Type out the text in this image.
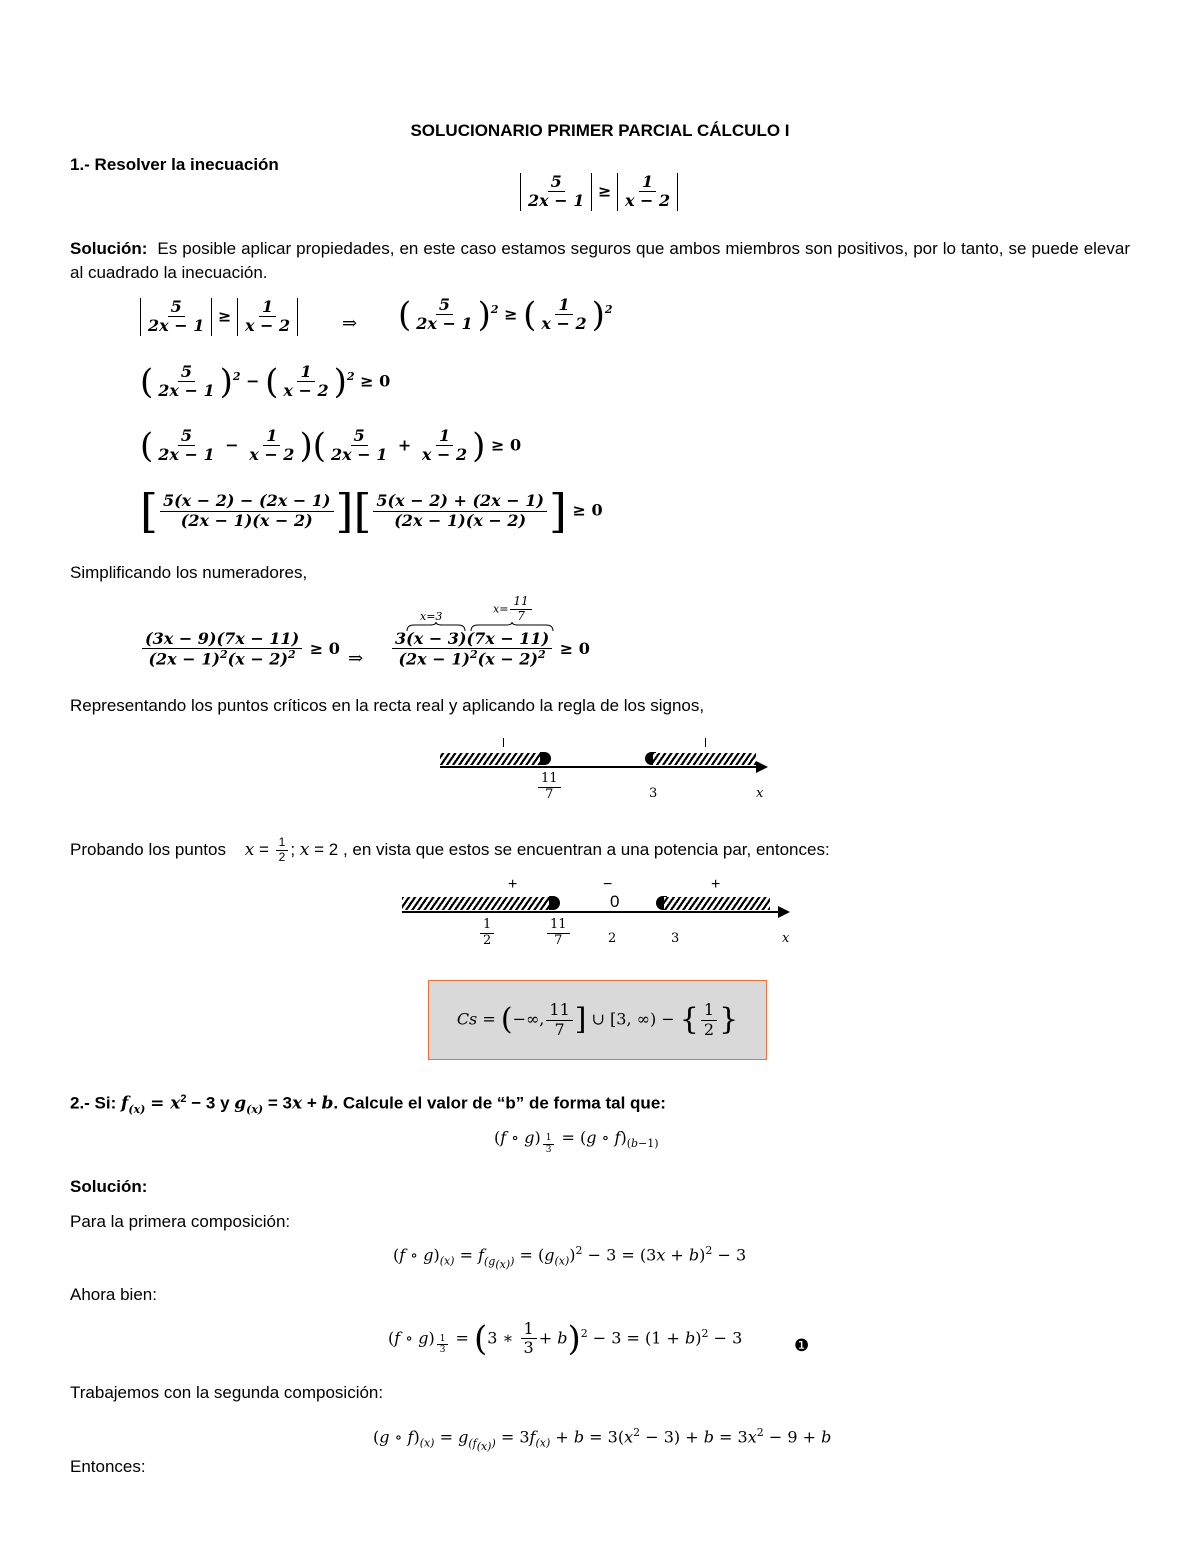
SOLUCIONARIO PRIMER PARCIAL CÁLCULO I
1.- Resolver la inecuación
$\frac{5}{2x - 1} \ge \frac{1}{x - 2}$
Solución: Es posible aplicar propiedades, en este caso estamos seguros que ambos miembros son positivos, por lo tanto, se puede elevar al cuadrado la inecuación.
$\frac{5}{2x - 1} \ge \frac{1}{x - 2}$	⇒ ( $\frac{5}{2x - 1} )^2$ ≥ ( $\frac{1}{x - 2} )^2$
( $\frac{5}{2x - 1} )^2$ − ( $\frac{1}{x - 2} )^2 \ge 0$
( $\frac{5}{2x - 1} - \frac{1}{x - 2}$ )( $\frac{5}{2x - 1} + \frac{1}{x - 2}$ ) ≥ 0
[ $\frac{5(x - 2) - (2x - 1)}{(2x - 1)(x - 2)}$ ][ $\frac{5(x - 2) + (2x - 1)}{(2x - 1)(x - 2)}$ ] ≥ 0
Simplificando los numeradores,
$\frac{(3x - 9)(7x - 11)}{(2x - 1)^2(x - 2)^2} \ge 0$ ⇒
x=3
$x= \frac{11}{7}$
$\frac{3(x - 3)(7x - 11)}{(2x - 1)^2(x - 2)^2} \ge 0$
Representando los puntos críticos en la recta real y aplicando la regla de los signos,
$\frac{11}{7}$	3	x
Probando los puntos $x = \frac{1}{2}$ ; x = 2 , en vista que estos se encuentran a una potencia par, entonces:
+	−	+
0
$\frac{1}{2}$	$\frac{11}{7}$	2	3	x
Cs = (−∞, $\frac{11}{7}$ ] ∪ [3, ∞) − { $\frac{1}{2}$ }
2.- Si: $f_{(x)} = x^2 - 3$ y $g_{(x)} = 3x + b$. Calcule el valor de “b” de forma tal que:
(f ∘ g) $_{\frac{1}{3}}$ = (g ∘ $f)_{(b-1)}$
Solución:
Para la primera composición:
(f ∘ $g)_{(x)} = f_{(g_{(x)})} = (g_{(x)})^2 - 3 = (3x + b)^2 - 3$
Ahora bien:
(f ∘ g) $_{\frac{1}{3}}$ = (3 ∗ $\frac{1}{3} + b)^2 - 3 = (1 + b)^2 - 3$	❶
Trabajemos con la segunda composición:
(g ∘ $f)_{(x)} = g_{(f_{(x)})} = 3f_{(x)} + b = 3(x^2 - 3) + b = 3x^2 - 9 + b$
Entonces:
